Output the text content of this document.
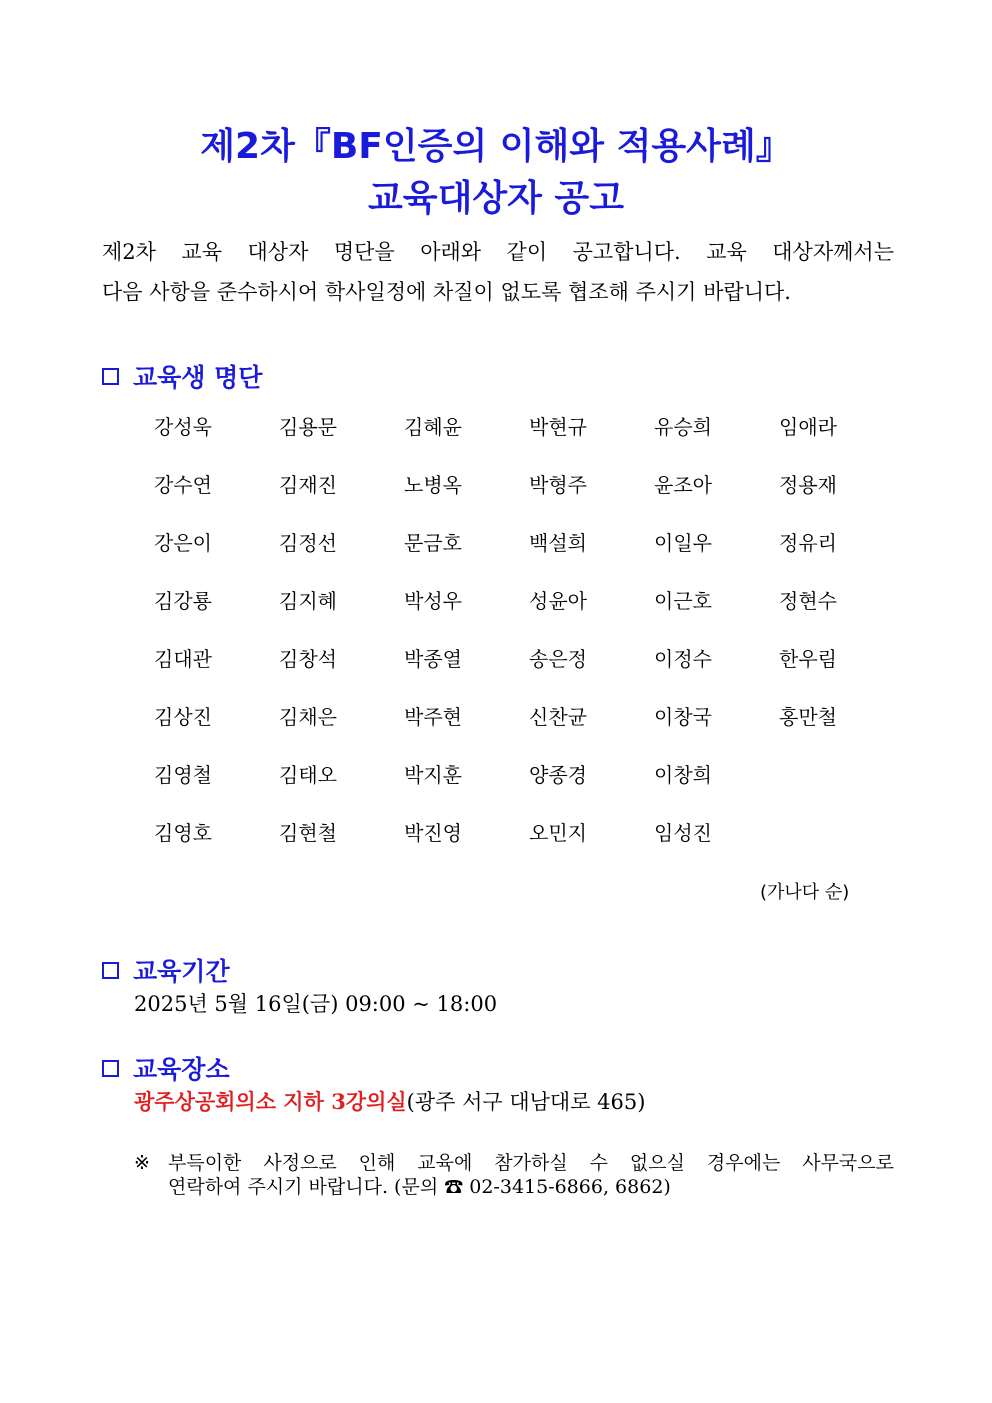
제2차『BF인증의 이해와 적용사례』
교육대상자 공고
제2차 교육 대상자 명단을 아래와 같이 공고합니다. 교육 대상자께서는
다음 사항을 준수하시어 학사일정에 차질이 없도록 협조해 주시기 바랍니다.
교육생 명단
강성욱	김용문	김혜윤	박현규	유승희	임애라
강수연	김재진	노병옥	박형주	윤조아	정용재
강은이	김정선	문금호	백설희	이일우	정유리
김강룡	김지혜	박성우	성윤아	이근호	정현수
김대관	김창석	박종열	송은정	이정수	한우림
김상진	김채은	박주현	신찬균	이창국	홍만철
김영철	김태오	박지훈	양종경	이창희
김영호	김현철	박진영	오민지	임성진
(가나다 순)
교육기간
2025년 5월 16일(금) 09:00 ~ 18:00
교육장소
광주상공회의소 지하 3강의실(광주 서구 대남대로 465)
※ 부득이한 사정으로 인해 교육에 참가하실 수 없으실 경우에는 사무국으로
연락하여 주시기 바랍니다. (문의 ☎ 02-3415-6866, 6862)
